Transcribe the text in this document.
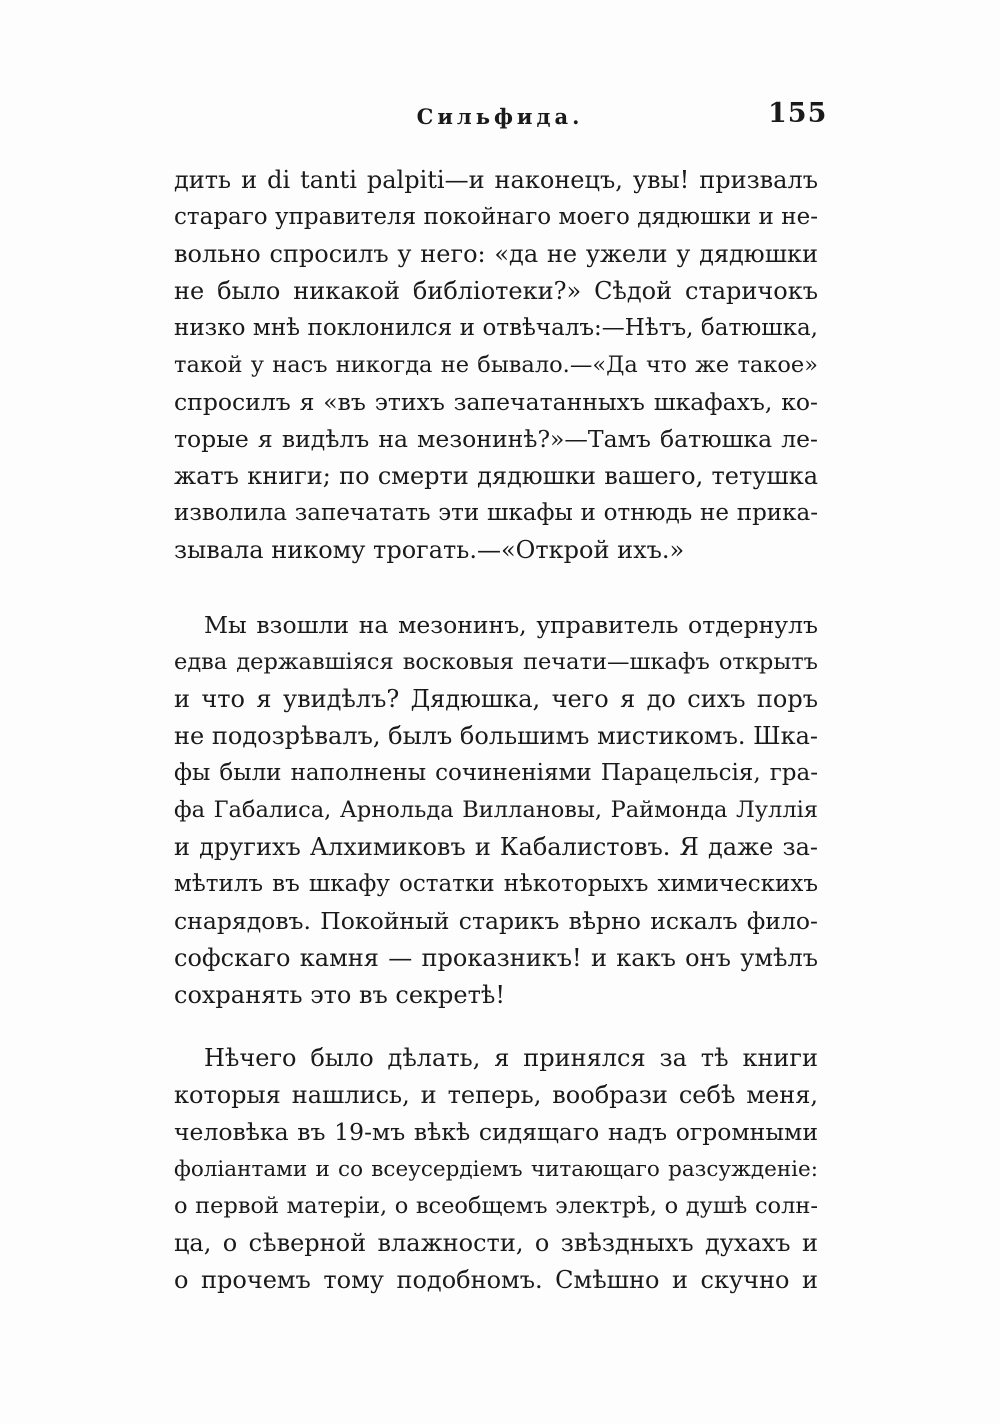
Сильфида.	155
дить и di tanti palpiti—и наконецъ, увы! призвалъ
стараго управителя покойнаго моего дядюшки и не-
вольно спросилъ у него: «да не ужели у дядюшки
не было никакой библіотеки?» Сѣдой старичокъ
низко мнѣ поклонился и отвѣчалъ:—Нѣтъ, батюшка,
такой у насъ никогда не бывало.—«Да что же такое»
спросилъ я «въ этихъ запечатанныхъ шкафахъ, ко-
торые я видѣлъ на мезонинѣ?»—Тамъ батюшка ле-
жатъ книги; по смерти дядюшки вашего, тетушка
изволила запечатать эти шкафы и отнюдь не прика-
зывала никому трогать.—«Открой ихъ.»
Мы взошли на мезонинъ, управитель отдернулъ
едва державшіяся восковыя печати—шкафъ открытъ
и что я увидѣлъ? Дядюшка, чего я до сихъ поръ
не подозрѣвалъ, былъ большимъ мистикомъ. Шка-
фы были наполнены сочиненіями Парацельсія, гра-
фа Габалиса, Арнольда Виллановы, Раймонда Луллія
и другихъ Алхимиковъ и Кабалистовъ. Я даже за-
мѣтилъ въ шкафу остатки нѣкоторыхъ химическихъ
снарядовъ. Покойный старикъ вѣрно искалъ фило-
софскаго камня — проказникъ! и какъ онъ умѣлъ
сохранять это въ секретѣ!
Нѣчего было дѣлать, я принялся за тѣ книги
которыя нашлись, и теперь, вообрази себѣ меня,
человѣка въ 19-мъ вѣкѣ сидящаго надъ огромными
фоліантами и со всеусердіемъ читающаго разсужденіе:
о первой матеріи, о всеобщемъ электрѣ, о душѣ солн-
ца, о сѣверной влажности, о звѣздныхъ духахъ и
о прочемъ тому подобномъ. Смѣшно и скучно и
